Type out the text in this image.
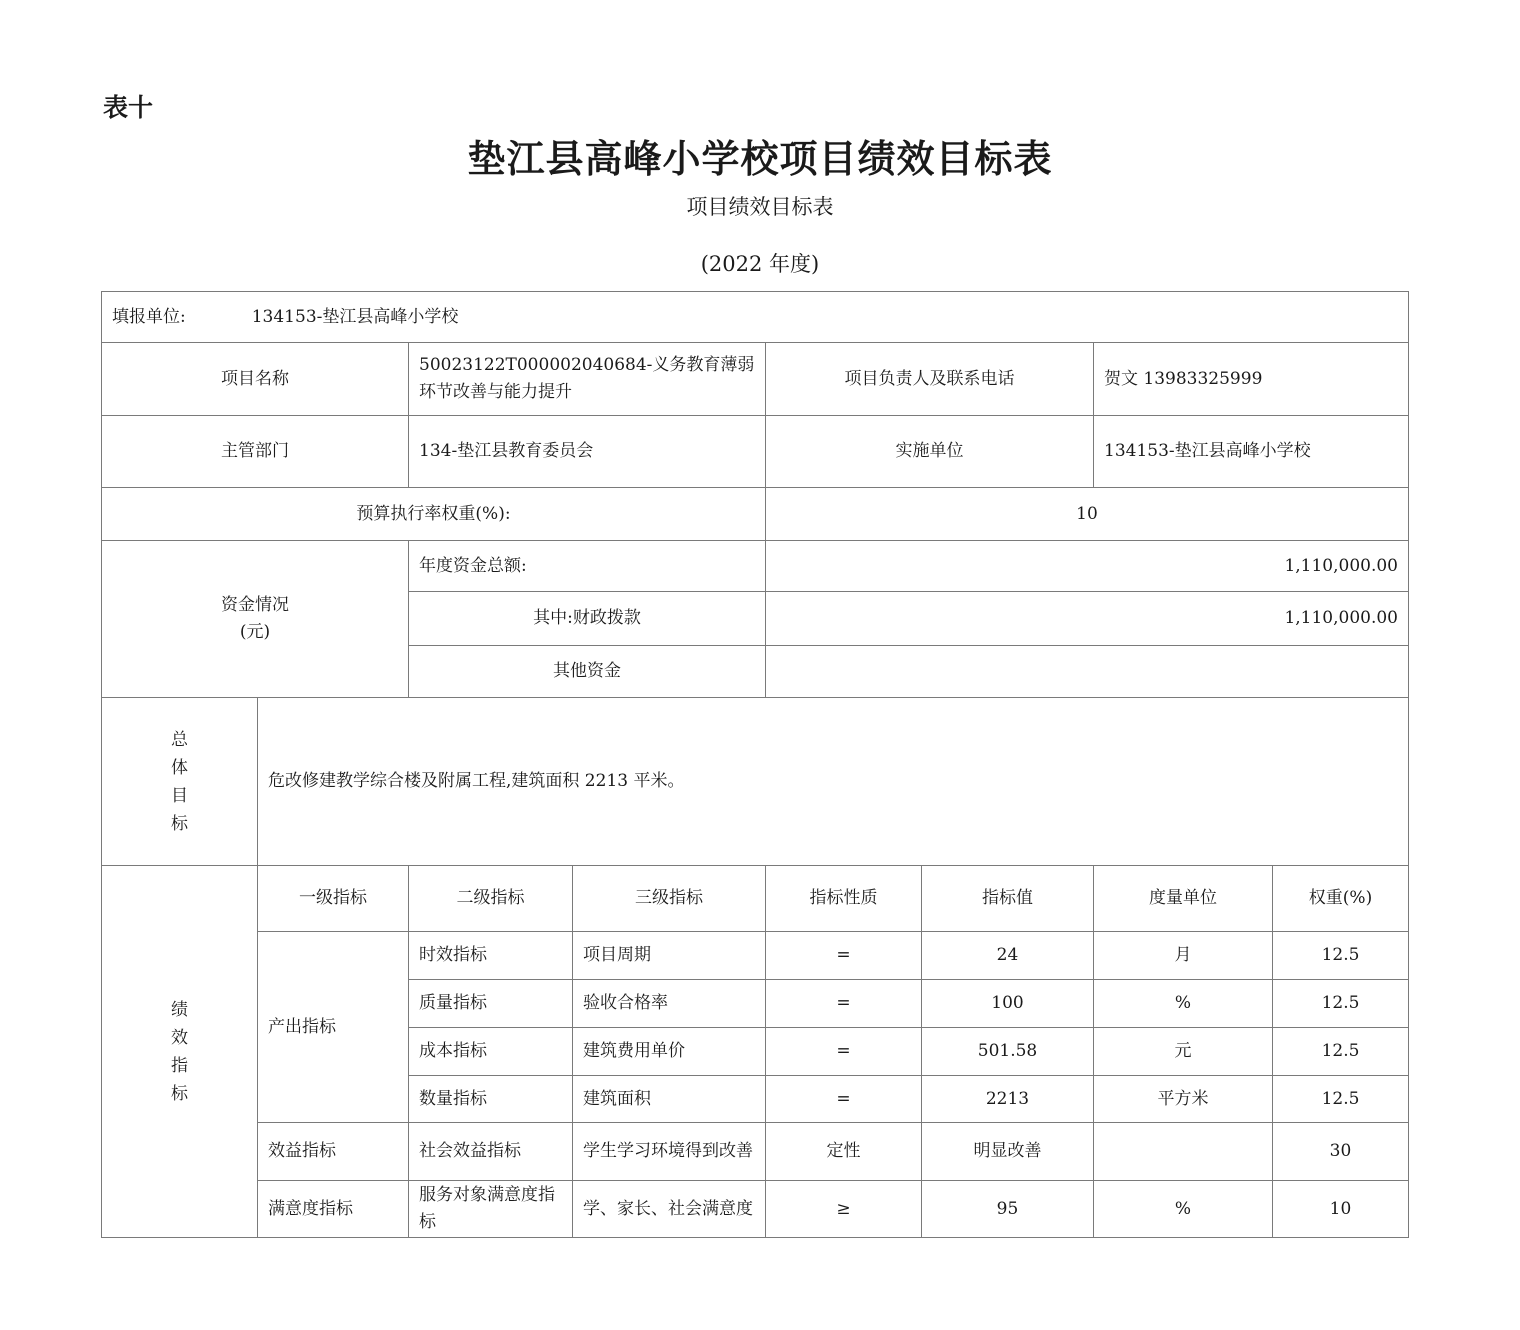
表十
垫江县高峰小学校项目绩效目标表
项目绩效目标表
(2022 年度)
填报单位: 134153-垫江县高峰小学校							
项目名称		50023122T000002040684-义务教育薄弱环节改善与能力提升		项目负责人及联系电话		贺文 13983325999	
主管部门		134-垫江县教育委员会		实施单位		134153-垫江县高峰小学校	
预算执行率权重(%):				10			

资金情况
(元)		年度资金总额:		1,110,000.00			
		其中:财政拨款		1,110,000.00			
		其他资金					

总
体
目
标	危改修建教学综合楼及附属工程,建筑面积 2213 平米。						

绩
效
指
标	一级指标	二级指标	三级指标	指标性质	指标值	度量单位	权重(%)
	产出指标	时效指标	项目周期	=	24	月	12.5
		质量指标	验收合格率	=	100	%	12.5
		成本指标	建筑费用单价	=	501.58	元	12.5
		数量指标	建筑面积	=	2213	平方米	12.5
	效益指标	社会效益指标	学生学习环境得到改善	定性	明显改善		30
	满意度指标	服务对象满意度指标	学、家长、社会满意度	≥	95	%	10
